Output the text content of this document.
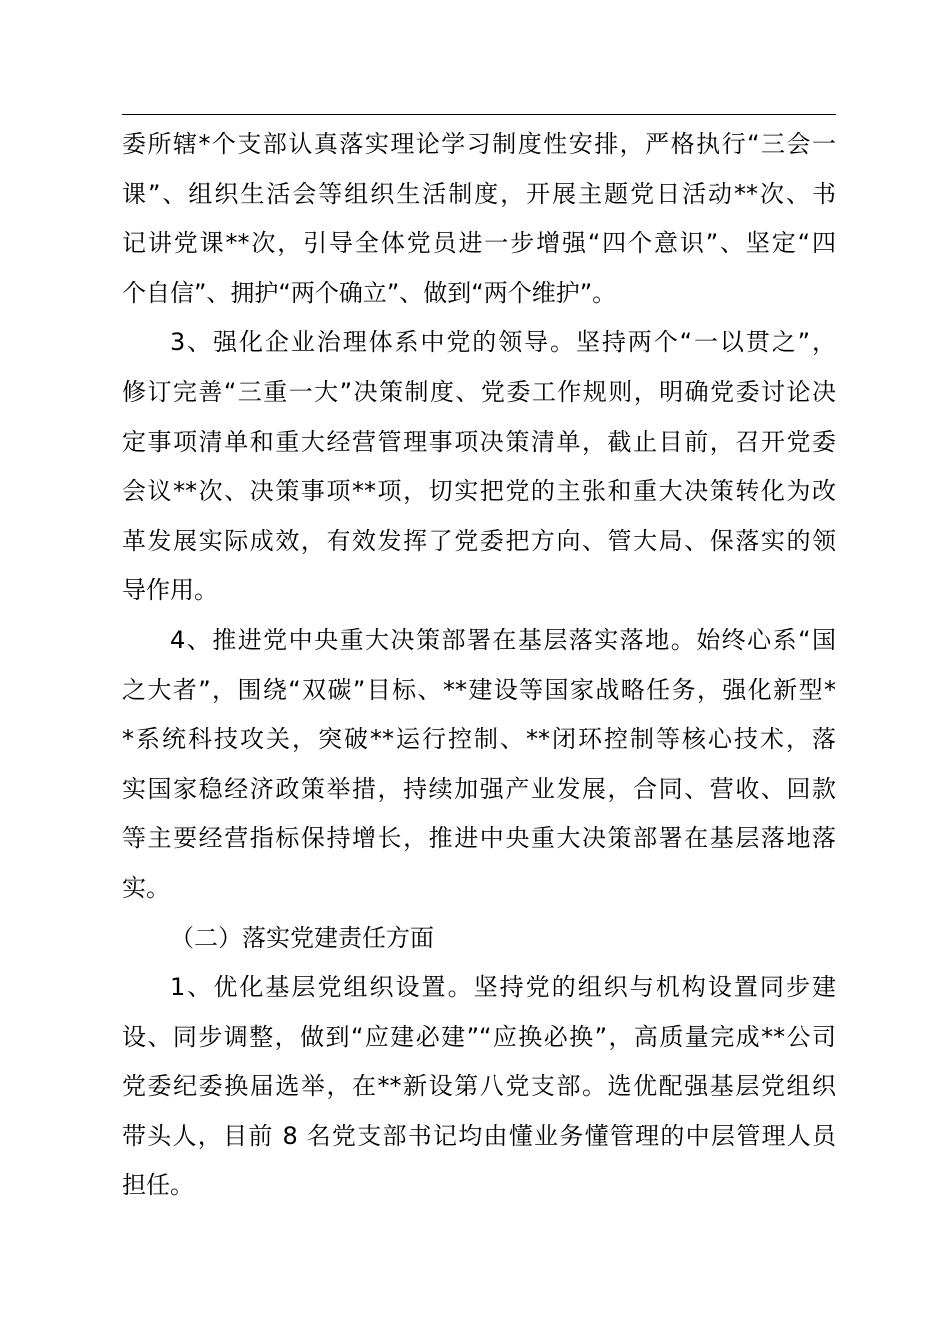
委所辖*个支部认真落实理论学习制度性安排，严格执行“三会一
课”、组织生活会等组织生活制度，开展主题党日活动**次、书
记讲党课**次，引导全体党员进一步增强“四个意识”、坚定“四
个自信”、拥护“两个确立”、做到“两个维护”。
3、强化企业治理体系中党的领导。坚持两个“一以贯之”，
修订完善“三重一大”决策制度、党委工作规则，明确党委讨论决
定事项清单和重大经营管理事项决策清单，截止目前，召开党委
会议**次、决策事项**项，切实把党的主张和重大决策转化为改
革发展实际成效，有效发挥了党委把方向、管大局、保落实的领
导作用。
4、推进党中央重大决策部署在基层落实落地。始终心系“国
之大者”，围绕“双碳”目标、**建设等国家战略任务，强化新型*
*系统科技攻关，突破**运行控制、**闭环控制等核心技术，落
实国家稳经济政策举措，持续加强产业发展，合同、营收、回款
等主要经营指标保持增长，推进中央重大决策部署在基层落地落
实。
（二）落实党建责任方面
1、优化基层党组织设置。坚持党的组织与机构设置同步建
设、同步调整，做到“应建必建”“应换必换”，高质量完成**公司
党委纪委换届选举，在**新设第八党支部。选优配强基层党组织
带头人，目前 8 名党支部书记均由懂业务懂管理的中层管理人员
担任。
